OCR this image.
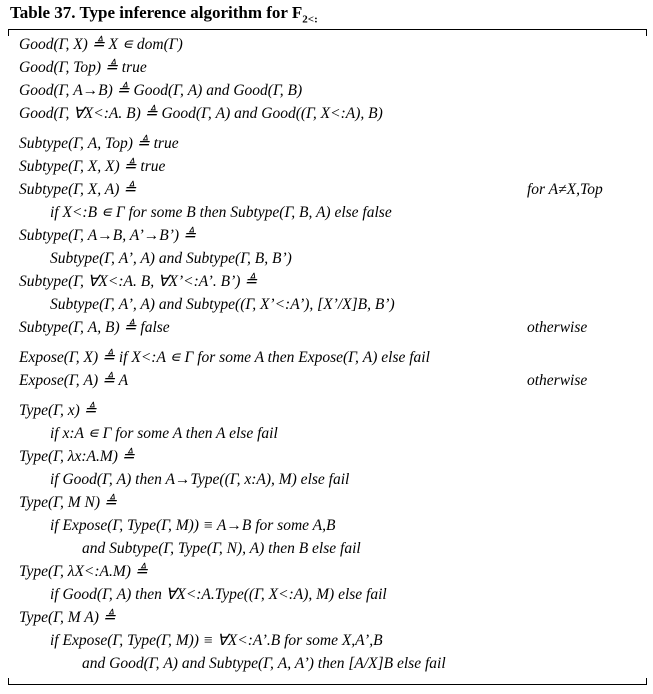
Table 37. Type inference algorithm for $F_{2<:}$
Good(Γ, X) ≜ X ∊ dom(Γ)
Good(Γ, Top) ≜ true
Good(Γ, A→B) ≜ Good(Γ, A) and Good(Γ, B)
Good(Γ, ∀X<:A. B) ≜ Good(Γ, A) and Good((Γ, X<:A), B)
Subtype(Γ, A, Top) ≜ true
Subtype(Γ, X, X) ≜ true
Subtype(Γ, X, A) ≜	for A≠X,Top
if X<:B ∊ Γ for some B then Subtype(Γ, B, A) else false
Subtype(Γ, A→B, A’→B’) ≜
Subtype(Γ, A’, A) and Subtype(Γ, B, B’)
Subtype(Γ, ∀X<:A. B, ∀X’<:A’. B’) ≜
Subtype(Γ, A’, A) and Subtype((Γ, X’<:A’), [X’/X]B, B’)
Subtype(Γ, A, B) ≜ false	otherwise
Expose(Γ, X) ≜ if X<:A ∊ Γ for some A then Expose(Γ, A) else fail
Expose(Γ, A) ≜ A	otherwise
Type(Γ, x) ≜
if x:A ∊ Γ for some A then A else fail
Type(Γ, λx:A.M) ≜
if Good(Γ, A) then A→Type((Γ, x:A), M) else fail
Type(Γ, M N) ≜
if Expose(Γ, Type(Γ, M)) ≡ A→B for some A,B
and Subtype(Γ, Type(Γ, N), A) then B else fail
Type(Γ, λX<:A.M) ≜
if Good(Γ, A) then ∀X<:A.Type((Γ, X<:A), M) else fail
Type(Γ, M A) ≜
if Expose(Γ, Type(Γ, M)) ≡ ∀X<:A’.B for some X,A’,B
and Good(Γ, A) and Subtype(Γ, A, A’) then [A/X]B else fail
